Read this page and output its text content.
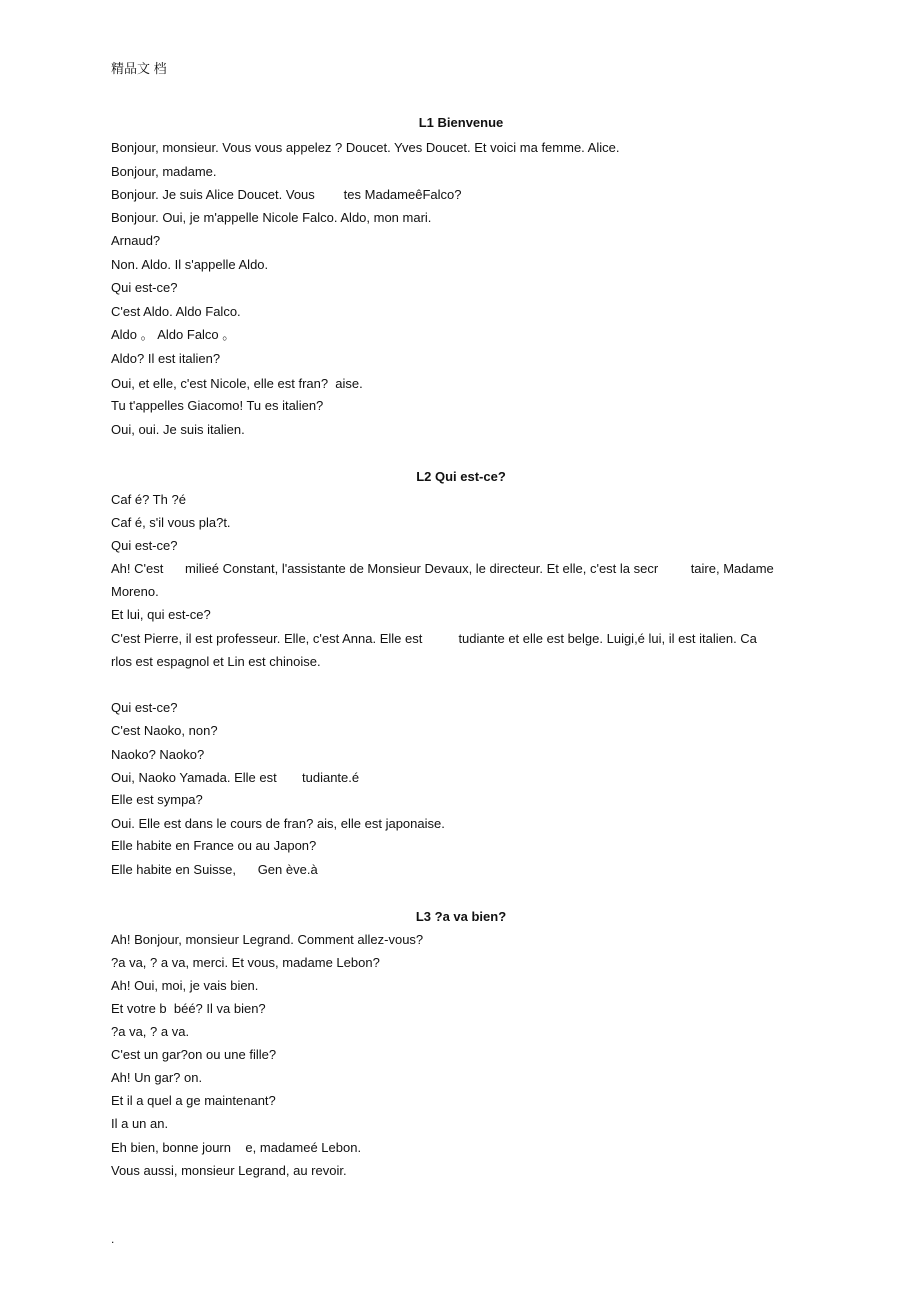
精品文 档
L1 Bienvenue
Bonjour, monsieur. Vous vous appelez ? Doucet. Yves Doucet. Et voici ma femme. Alice.
Bonjour, madame.
Bonjour. Je suis Alice Doucet. Vous        tes MadameêFalco?
Bonjour. Oui, je m'appelle Nicole Falco. Aldo, mon mari.
Arnaud?
Non. Aldo. Il s'appelle Aldo.
Qui est-ce?
C'est Aldo. Aldo Falco.
Aldo 。 Aldo Falco 。
Aldo? Il est italien?
Oui, et elle, c'est Nicole, elle est fran?  aise.
Tu t'appelles Giacomo! Tu es italien?
Oui, oui. Je suis italien.
L2 Qui est-ce?
Caf é? Th ?é
Caf é, s'il vous pla?t.
Qui est-ce?
Ah! C'est      milieé Constant, l'assistante de Monsieur Devaux, le directeur. Et elle, c'est la secr         taire, Madame
Moreno.
Et lui, qui est-ce?
C'est Pierre, il est professeur. Elle, c'est Anna. Elle est          tudiante et elle est belge. Luigi,é lui, il est italien. Ca
rlos est espagnol et Lin est chinoise.
Qui est-ce?
C'est Naoko, non?
Naoko? Naoko?
Oui, Naoko Yamada. Elle est       tudiante.é
Elle est sympa?
Oui. Elle est dans le cours de fran? ais, elle est japonaise.
Elle habite en France ou au Japon?
Elle habite en Suisse,      Gen ève.à
L3 ?a va bien?
Ah! Bonjour, monsieur Legrand. Comment allez-vous?
?a va, ? a va, merci. Et vous, madame Lebon?
Ah! Oui, moi, je vais bien.
Et votre b  béé? Il va bien?
?a va, ? a va.
C'est un gar?on ou une fille?
Ah! Un gar? on.
Et il a quel a ge maintenant?
Il a un an.
Eh bien, bonne journ    e, madameé Lebon.
Vous aussi, monsieur Legrand, au revoir.
.
